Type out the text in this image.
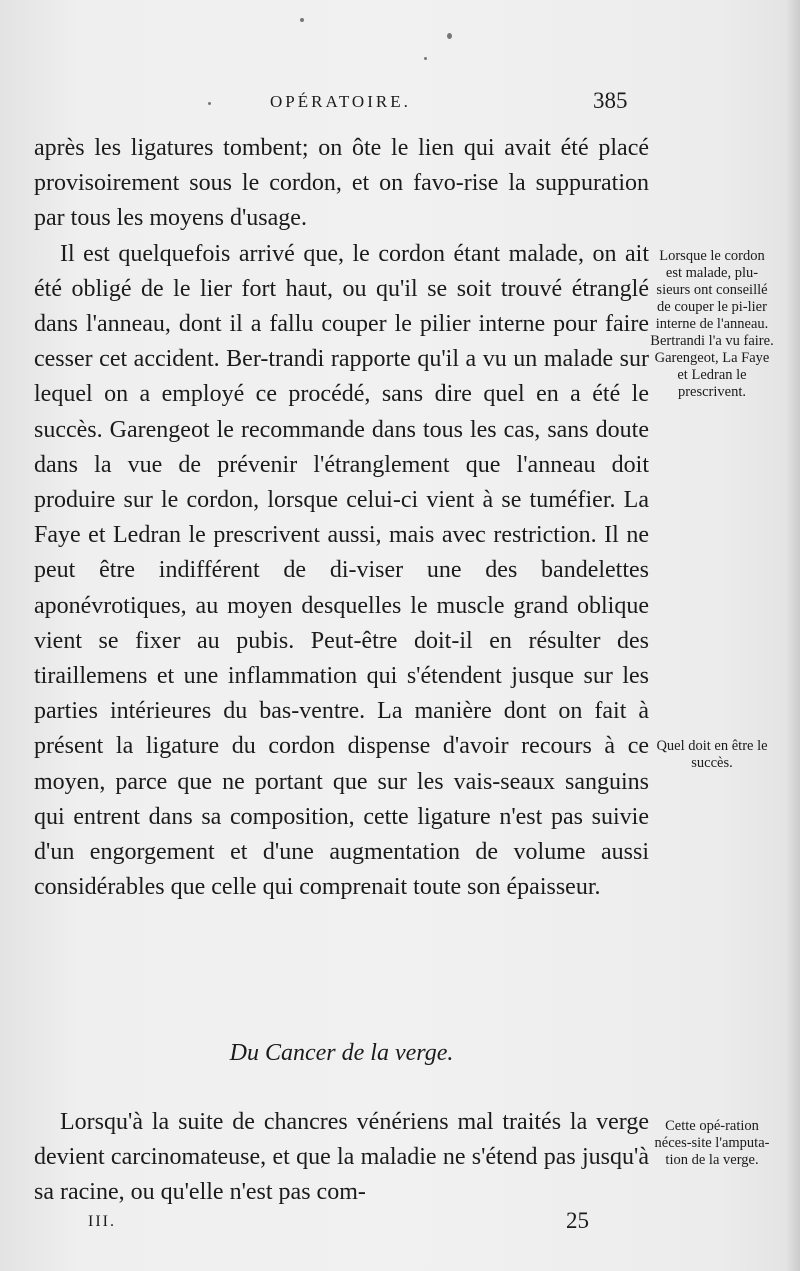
OPÉRATOIRE.	385

après les ligatures tombent; on ôte le lien qui avait été placé provisoirement sous le cordon, et on favo-rise la suppuration par tous les moyens d'usage.

Il est quelquefois arrivé que, le cordon étant malade, on ait été obligé de le lier fort haut, ou qu'il se soit trouvé étranglé dans l'anneau, dont il a fallu couper le pilier interne pour faire cesser cet accident. Ber-trandi rapporte qu'il a vu un malade sur lequel on a employé ce procédé, sans dire quel en a été le succès. Garengeot le recommande dans tous les cas, sans doute dans la vue de prévenir l'étranglement que l'anneau doit produire sur le cordon, lorsque celui-ci vient à se tuméfier. La Faye et Ledran le prescrivent aussi, mais avec restriction. Il ne peut être indifférent de di-viser une des bandelettes aponévrotiques, au moyen desquelles le muscle grand oblique vient se fixer au pubis. Peut-être doit-il en résulter des tiraillemens et une inflammation qui s'étendent jusque sur les parties intérieures du bas-ventre. La manière dont on fait à présent la ligature du cordon dispense d'avoir recours à ce moyen, parce que ne portant que sur les vais-seaux sanguins qui entrent dans sa composition, cette ligature n'est pas suivie d'un engorgement et d'une augmentation de volume aussi considérables que celle qui comprenait toute son épaisseur.

Lorsque le cordon est malade, plu-sieurs ont conseillé de couper le pi-lier interne de l'anneau. Bertrandi l'a vu faire. Garengeot, La Faye et Ledran le prescrivent.
Quel doit en être le succès.
Du Cancer de la verge.

Lorsqu'à la suite de chancres vénériens mal traités la verge devient carcinomateuse, et que la maladie ne s'étend pas jusqu'à sa racine, ou qu'elle n'est pas com-

Cette opé-ration néces-site l'amputa-tion de la verge.
III.	25
